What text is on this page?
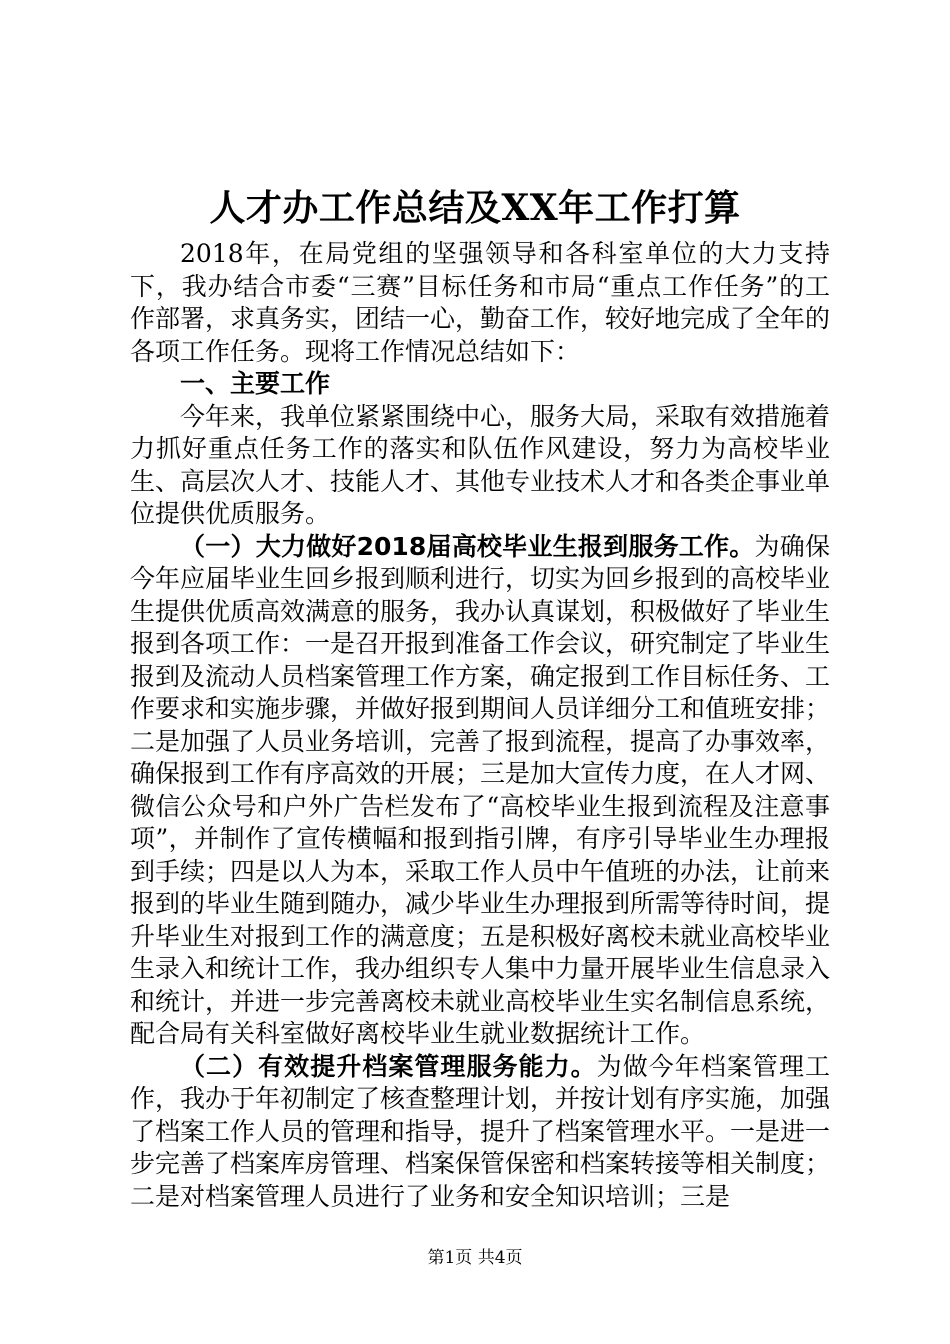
人才办工作总结及XX年工作打算

2018年，在局党组的坚强领导和各科室单位的大力支持下，我办结合市委“三赛”目标任务和市局“重点工作任务”的工作部署，求真务实，团结一心，勤奋工作，较好地完成了全年的各项工作任务。现将工作情况总结如下：

一、主要工作

今年来，我单位紧紧围绕中心，服务大局，采取有效措施着力抓好重点任务工作的落实和队伍作风建设，努力为高校毕业生、高层次人才、技能人才、其他专业技术人才和各类企事业单位提供优质服务。

（一）大力做好2018届高校毕业生报到服务工作。为确保今年应届毕业生回乡报到顺利进行，切实为回乡报到的高校毕业生提供优质高效满意的服务，我办认真谋划，积极做好了毕业生报到各项工作：一是召开报到准备工作会议，研究制定了毕业生报到及流动人员档案管理工作方案，确定报到工作目标任务、工作要求和实施步骤，并做好报到期间人员详细分工和值班安排；二是加强了人员业务培训，完善了报到流程，提高了办事效率，确保报到工作有序高效的开展；三是加大宣传力度，在人才网、微信公众号和户外广告栏发布了“高校毕业生报到流程及注意事项”，并制作了宣传横幅和报到指引牌，有序引导毕业生办理报到手续；四是以人为本，采取工作人员中午值班的办法，让前来报到的毕业生随到随办，减少毕业生办理报到所需等待时间，提升毕业生对报到工作的满意度；五是积极好离校未就业高校毕业生录入和统计工作，我办组织专人集中力量开展毕业生信息录入和统计，并进一步完善离校未就业高校毕业生实名制信息系统，配合局有关科室做好离校毕业生就业数据统计工作。

（二）有效提升档案管理服务能力。为做今年档案管理工作，我办于年初制定了核查整理计划，并按计划有序实施，加强了档案工作人员的管理和指导，提升了档案管理水平。一是进一步完善了档案库房管理、档案保管保密和档案转接等相关制度；二是对档案管理人员进行了业务和安全知识培训；三是

第1页 共4页
